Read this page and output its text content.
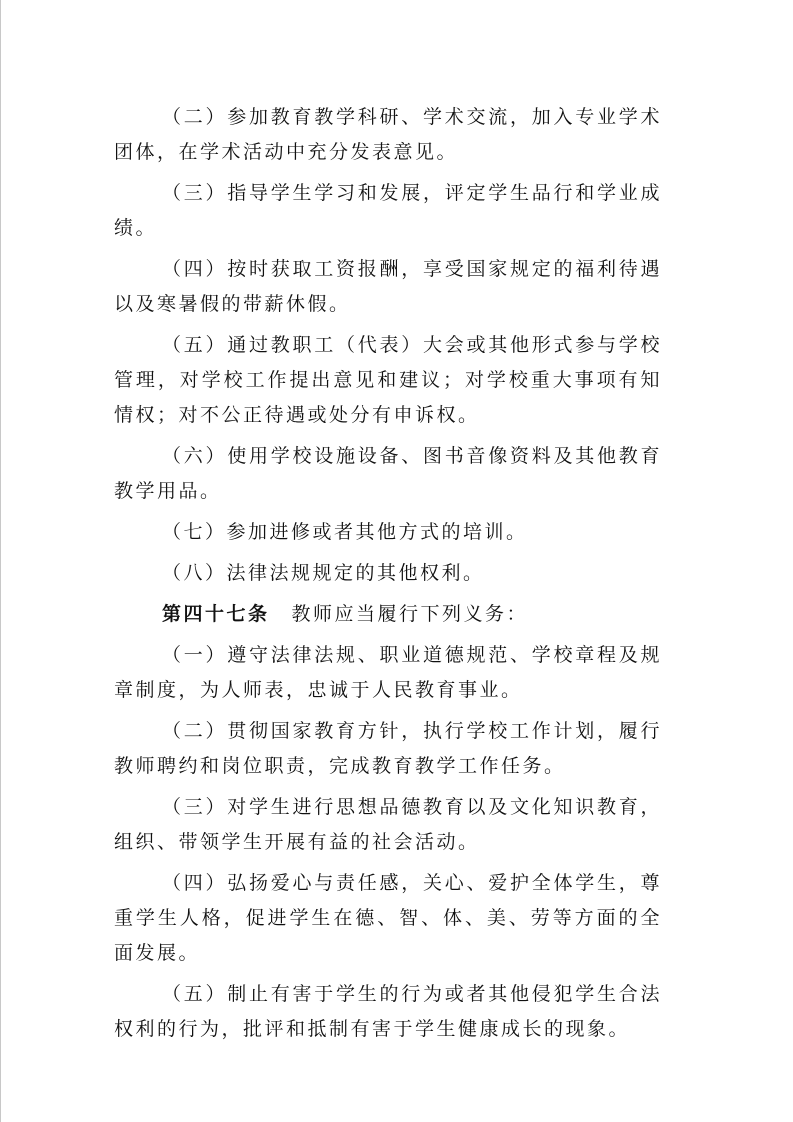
（二）参加教育教学科研、学术交流，加入专业学术团体，在学术活动中充分发表意见。

（三）指导学生学习和发展，评定学生品行和学业成绩。

（四）按时获取工资报酬，享受国家规定的福利待遇以及寒暑假的带薪休假。

（五）通过教职工（代表）大会或其他形式参与学校管理，对学校工作提出意见和建议；对学校重大事项有知情权；对不公正待遇或处分有申诉权。

（六）使用学校设施设备、图书音像资料及其他教育教学用品。

（七）参加进修或者其他方式的培训。

（八）法律法规规定的其他权利。

第四十七条 教师应当履行下列义务：

（一）遵守法律法规、职业道德规范、学校章程及规章制度，为人师表，忠诚于人民教育事业。

（二）贯彻国家教育方针，执行学校工作计划，履行教师聘约和岗位职责，完成教育教学工作任务。

（三）对学生进行思想品德教育以及文化知识教育，组织、带领学生开展有益的社会活动。

（四）弘扬爱心与责任感，关心、爱护全体学生，尊重学生人格，促进学生在德、智、体、美、劳等方面的全面发展。

（五）制止有害于学生的行为或者其他侵犯学生合法权利的行为，批评和抵制有害于学生健康成长的现象。
